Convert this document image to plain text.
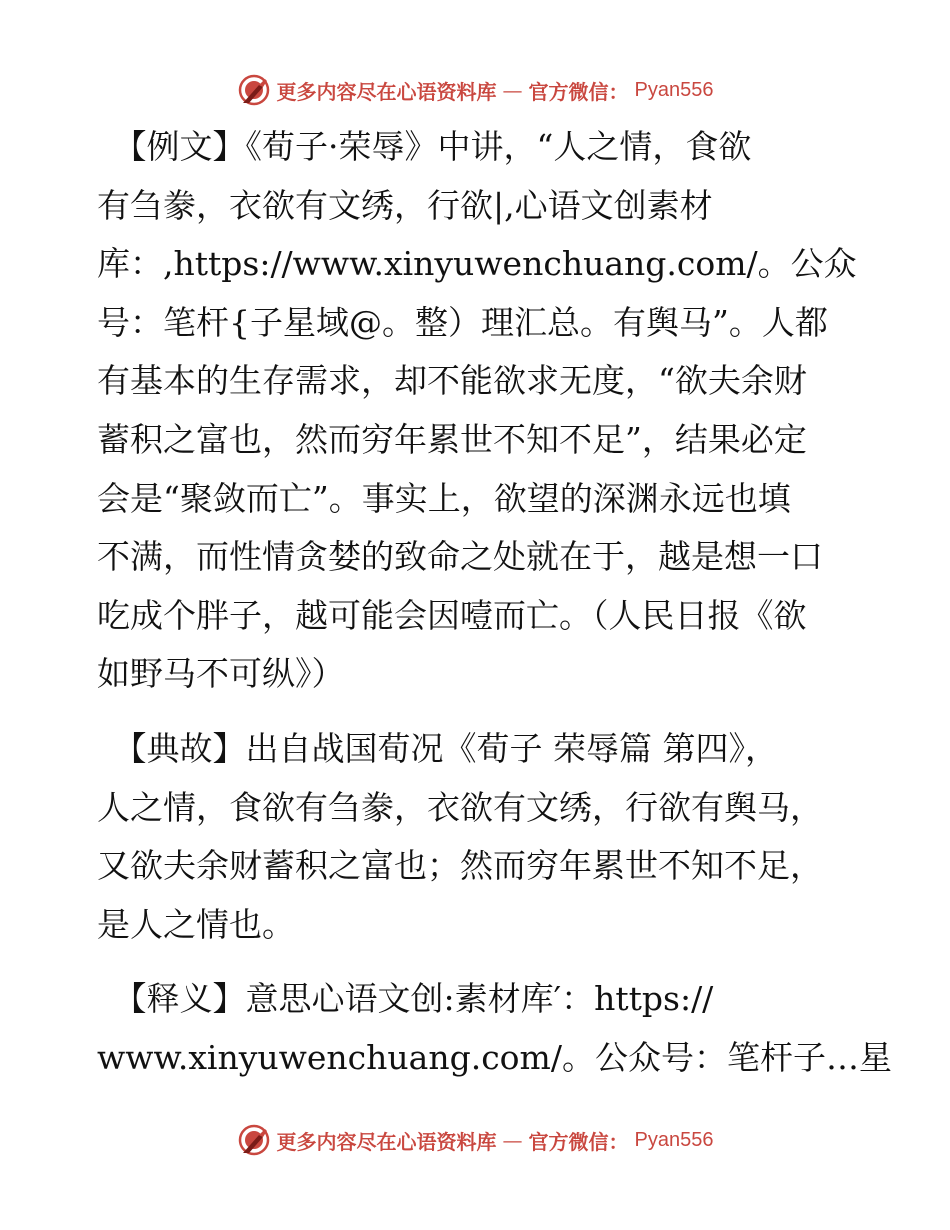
更多内容尽在心语资料库 — 官方微信： Pyan556
　【例文】《荀子·荣辱》中讲，“人之情，食欲
有刍豢，衣欲有文绣，行欲|,心语文创素材
库：,https://www.xinyuwenchuang.com/。公众
号：笔杆{子星域@。整）理汇总。有舆马”。人都
有基本的生存需求，却不能欲求无度，“欲夫余财
蓄积之富也，然而穷年累世不知不足”，结果必定
会是“聚敛而亡”。事实上，欲望的深渊永远也填
不满，而性情贪婪的致命之处就在于，越是想一口
吃成个胖子，越可能会因噎而亡。（人民日报《欲
如野马不可纵》）
　【典故】出自战国荀况《荀子 荣辱篇 第四》，
人之情，食欲有刍豢，衣欲有文绣，行欲有舆马，
又欲夫余财蓄积之富也；然而穷年累世不知不足，
是人之情也。
　【释义】意思心语文创:素材库′：https://
www.xinyuwenchuang.com/。公众号：笔杆子…星
更多内容尽在心语资料库 — 官方微信： Pyan556
